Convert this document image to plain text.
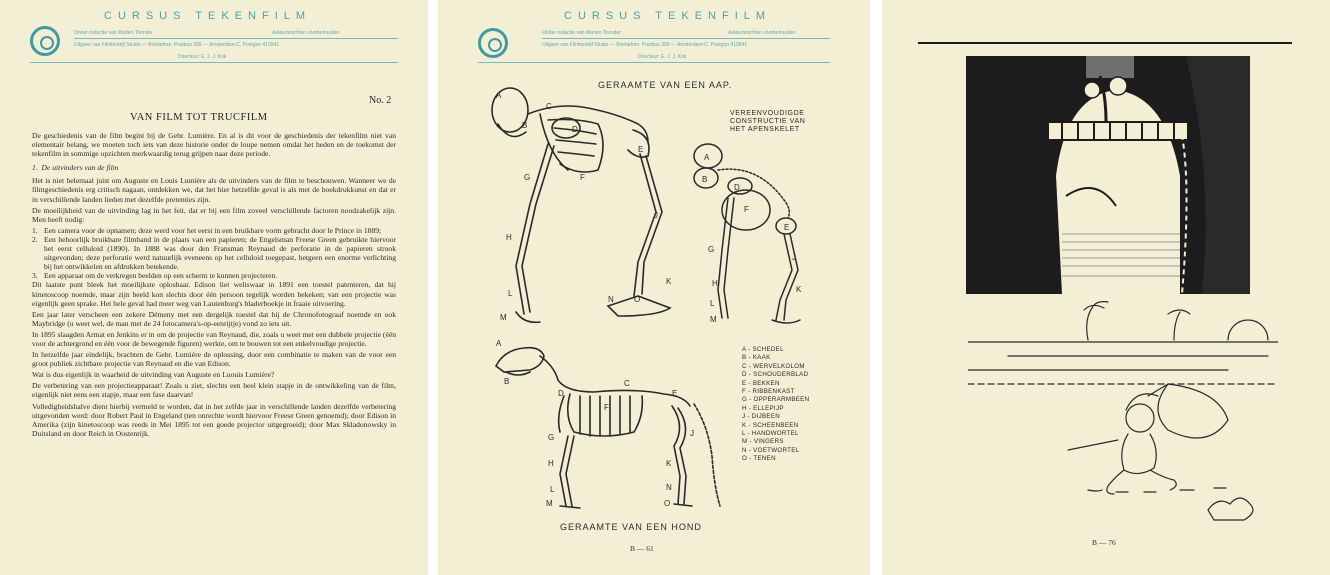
CURSUS TEKENFILM
Onder redactie van Marten Toonder	Auteursrechten voorbehouden
Uitgave van Filmbedrijf Studio — Briefadres: Postbus 399 — Amsterdam-C. Postgiro 410541
Directeur: E. J. J. Kok
VAN FILM TOT TRUCFILM
No. 2

De geschiedenis van de film begint bij de Gebr. Lumière. En al is dit voor de geschiedenis der tekenfilm niet van elementair belang, we moeten toch iets van deze historie onder de loupe nemen omdat het heden en de toekomst der tekenfilm in sommige opzichten merkwaardig terug grijpen naar deze periode.

1. De uitvinders van de film

Het is niet helemaal juist om Auguste en Louis Lumière als de uitvinders van de film te beschouwen. Wanneer we de filmgeschiedenis erg critisch nagaan, ontdekken we, dat het hier hetzelfde geval is als met de boekdrukkunst en dat er in verschillende landen lieden met dezelfde pretenties zijn.

De moeilijkheid van de uitvinding lag in het feit, dat er bij een film zoveel verschillende factoren noodzakelijk zijn. Men heeft nodig:

1. Een camera voor de opnamen; deze werd voor het eerst in een bruikbare vorm gebracht door le Prince in 1889;
2. Een behoorlijk bruikbare filmband in de plaats van een papieren; de Engelsman Freese Green gebruikte hiervoor het eerst celluloid (1890). In 1888 was door den Fransman Reynaud de perforatie in de papieren strook uitgevonden; deze perforatie werd natuurlijk eveneens op het celluloid toegepast, hetgeen een enorme verlichting bij het ontwikkelen en afdrukken betekende.
3. Een apparaat om de verkregen beelden op een scherm te kunnen projecteren.

Dit laatste punt bleek het moeilijkste oplosbaar. Edison liet weliswaar in 1891 een toestel patenteren, dat hij kinetoscoop noemde, maar zijn beeld kon slechts door één persoon tegelijk worden bekeken; van een projectie was eigenlijk geen sprake. Het hele geval had meer weg van Lautenburg's bladerboekje in fraaie uitvoering.

Een jaar later verscheen een zekere Démeny met een dergelijk toestel dat hij de Chronofotograaf noemde en ook Maybridge (u weet wel, de man met de 24 fotocamera's-op-eenrijtje) vond zo iets uit.

In 1895 slaagden Armat en Jenkins er in om de projectie van Reynaud, die, zoals u weet met een dubbele projectie (één voor de achtergrond en één voor de bewegende figuren) werkte, om te bouwen tot een enkelvoudige projectie.

In hetzelfde jaar eindelijk, brachten de Gebr. Lumière de oplossing, door een combinatie te maken van de voor een groot publiek zichtbare projectie van Reynaud en die van Edison.

Wat is dus eigenlijk in waarheid de uitvinding van Auguste en Luouis Lumière?

De verbetering van een projectieapparaat! Zoals u ziet, slechts een heel klein stapje in de ontwikkeling van de film, eigenlijk niet eens een stapje, maar een fase daarvan!

Volledigheidshalve dient hierbij vermeld te worden, dat in het zelfde jaar in verschillende landen dezelfde verbetering uitgevonden werd: door Robert Paul in Engeland (ten onrechte wordt hiervoor Freese Green genoemd); door Edison in Amerika (zijn kinetoscoop was reeds in Mei 1895 tot een goede projector uitgegroeid); door Max Skladonowsky in Duitsland en door Reich in Oostenrijk.

CURSUS TEKENFILM
Onder redactie van Marten Toonder	Auteursrechten voorbehouden
Uitgave van Filmbedrijf Studio — Briefadres: Postbus 399 — Amsterdam-C. Postgiro 410541
Directeur: E. J. J. Kok
GERAAMTE VAN EEN AAP.
VEREENVOUDIGDE
CONSTRUCTIE VAN
HET APENSKELET
A
B
C
D
E
F
G
H
J
L
M
K
N	O
A
B
D
F
E
G
J
H
K
L
M
A
B	C
D	E
F
G
H
J
K
L
M
N
O
A - SCHEDEL
B - KAAK
C - WERVELKOLOM
D - SCHOUDERBLAD
E - BEKKEN
F - RIBBENKAST
G - OPPERARMBEEN
H - ELLEPIJP
J - DIJBEEN
K - SCHEENBEEN
L - HANDWORTEL
M - VINGERS
N - VOETWORTEL
O - TENEN
GERAAMTE VAN EEN HOND
B — 61
B — 76
